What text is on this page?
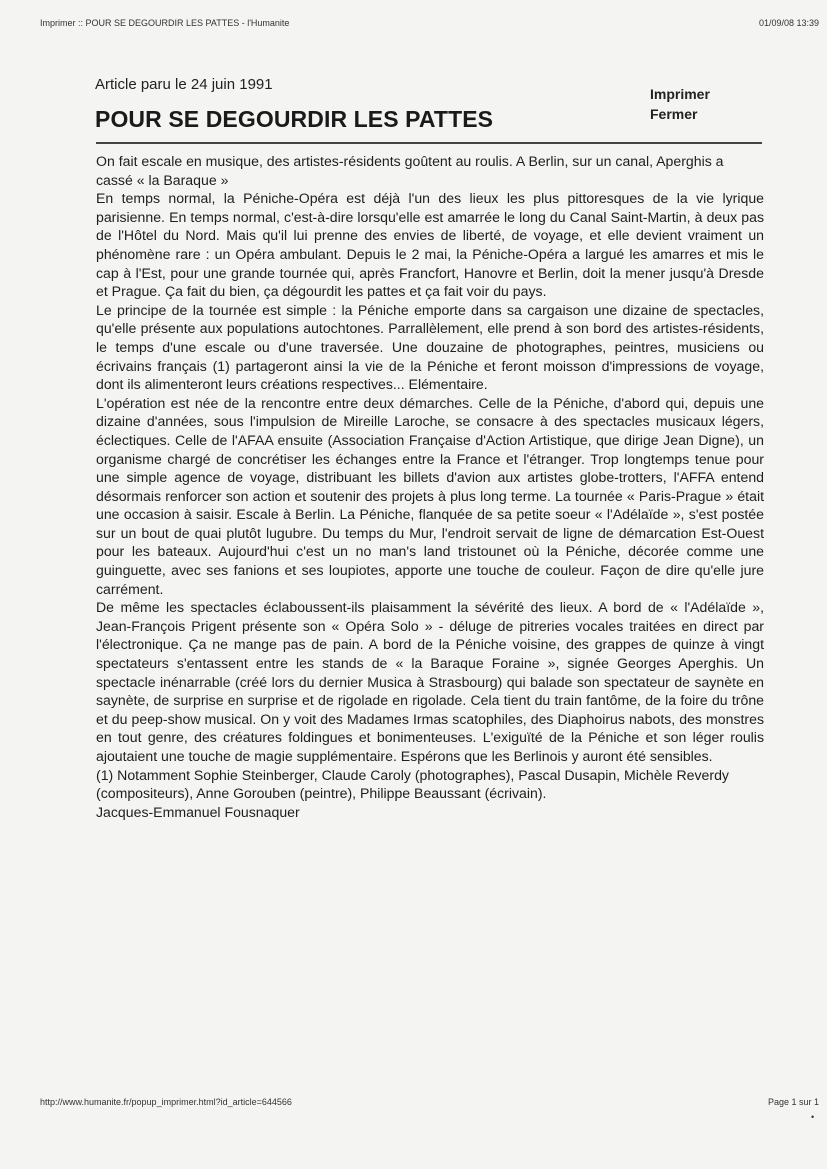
Imprimer :: POUR SE DEGOURDIR LES PATTES - l'Humanite	01/09/08 13:39
Article paru le 24 juin 1991
POUR SE DEGOURDIR LES PATTES
Imprimer
Fermer

On fait escale en musique, des artistes-résidents goûtent au roulis. A Berlin, sur un canal, Aperghis a cassé « la Baraque »

En temps normal, la Péniche-Opéra est déjà l'un des lieux les plus pittoresques de la vie lyrique parisienne. En temps normal, c'est-à-dire lorsqu'elle est amarrée le long du Canal Saint-Martin, à deux pas de l'Hôtel du Nord. Mais qu'il lui prenne des envies de liberté, de voyage, et elle devient vraiment un phénomène rare : un Opéra ambulant. Depuis le 2 mai, la Péniche-Opéra a largué les amarres et mis le cap à l'Est, pour une grande tournée qui, après Francfort, Hanovre et Berlin, doit la mener jusqu'à Dresde et Prague. Ça fait du bien, ça dégourdit les pattes et ça fait voir du pays.

Le principe de la tournée est simple : la Péniche emporte dans sa cargaison une dizaine de spectacles, qu'elle présente aux populations autochtones. Parrallèlement, elle prend à son bord des artistes-résidents, le temps d'une escale ou d'une traversée. Une douzaine de photographes, peintres, musiciens ou écrivains français (1) partageront ainsi la vie de la Péniche et feront moisson d'impressions de voyage, dont ils alimenteront leurs créations respectives... Elémentaire.

L'opération est née de la rencontre entre deux démarches. Celle de la Péniche, d'abord qui, depuis une dizaine d'années, sous l'impulsion de Mireille Laroche, se consacre à des spectacles musicaux légers, éclectiques. Celle de l'AFAA ensuite (Association Française d'Action Artistique, que dirige Jean Digne), un organisme chargé de concrétiser les échanges entre la France et l'étranger. Trop longtemps tenue pour une simple agence de voyage, distribuant les billets d'avion aux artistes globe-trotters, l'AFFA entend désormais renforcer son action et soutenir des projets à plus long terme. La tournée « Paris-Prague » était une occasion à saisir. Escale à Berlin. La Péniche, flanquée de sa petite soeur « l'Adélaïde », s'est postée sur un bout de quai plutôt lugubre. Du temps du Mur, l'endroit servait de ligne de démarcation Est-Ouest pour les bateaux. Aujourd'hui c'est un no man's land tristounet où la Péniche, décorée comme une guinguette, avec ses fanions et ses loupiotes, apporte une touche de couleur. Façon de dire qu'elle jure carrément.

De même les spectacles éclaboussent-ils plaisamment la sévérité des lieux. A bord de « l'Adélaïde », Jean-François Prigent présente son « Opéra Solo » - déluge de pitreries vocales traitées en direct par l'électronique. Ça ne mange pas de pain. A bord de la Péniche voisine, des grappes de quinze à vingt spectateurs s'entassent entre les stands de « la Baraque Foraine », signée Georges Aperghis. Un spectacle inénarrable (créé lors du dernier Musica à Strasbourg) qui balade son spectateur de saynète en saynète, de surprise en surprise et de rigolade en rigolade. Cela tient du train fantôme, de la foire du trône et du peep-show musical. On y voit des Madames Irmas scatophiles, des Diaphoirus nabots, des monstres en tout genre, des créatures foldingues et bonimenteuses. L'exiguïté de la Péniche et son léger roulis ajoutaient une touche de magie supplémentaire. Espérons que les Berlinois y auront été sensibles.

(1) Notamment Sophie Steinberger, Claude Caroly (photographes), Pascal Dusapin, Michèle Reverdy (compositeurs), Anne Gorouben (peintre), Philippe Beaussant (écrivain).

Jacques-Emmanuel Fousnaquer

http://www.humanite.fr/popup_imprimer.html?id_article=644566	Page 1 sur 1
•
